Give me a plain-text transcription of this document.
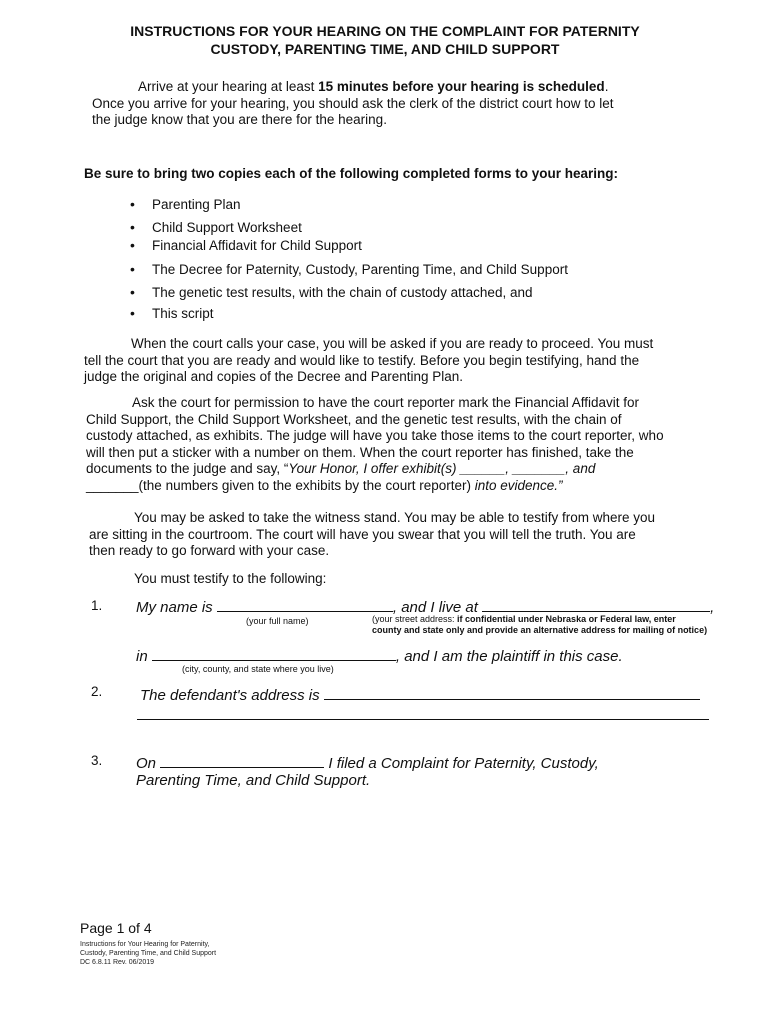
INSTRUCTIONS FOR YOUR HEARING ON THE COMPLAINT FOR PATERNITY
CUSTODY, PARENTING TIME, AND CHILD SUPPORT
Arrive at your hearing at least 15 minutes before your hearing is scheduled.
Once you arrive for your hearing, you should ask the clerk of the district court how to let
the judge know that you are there for the hearing.
Be sure to bring two copies each of the following completed forms to your hearing:
• Parenting Plan
• Child Support Worksheet
• Financial Affidavit for Child Support
• The Decree for Paternity, Custody, Parenting Time, and Child Support
• The genetic test results, with the chain of custody attached, and
• This script
When the court calls your case, you will be asked if you are ready to proceed. You must
tell the court that you are ready and would like to testify. Before you begin testifying, hand the
judge the original and copies of the Decree and Parenting Plan.
Ask the court for permission to have the court reporter mark the Financial Affidavit for
Child Support, the Child Support Worksheet, and the genetic test results, with the chain of
custody attached, as exhibits. The judge will have you take those items to the court reporter, who
will then put a sticker with a number on them. When the court reporter has finished, take the
documents to the judge and say, “Your Honor, I offer exhibit(s) ______, _______, and
_______(the numbers given to the exhibits by the court reporter) into evidence.”
You may be asked to take the witness stand. You may be able to testify from where you
are sitting in the courtroom. The court will have you swear that you will tell the truth. You are
then ready to go forward with your case.
You must testify to the following:
1. My name is	, and I live at	,
(your full name)	(your street address: if confidential under Nebraska or Federal law, enter
county and state only and provide an alternative address for mailing of notice)
in	, and I am the plaintiff in this case.
(city, county, and state where you live)
2.	The defendant's address is
3. On	I filed a Complaint for Paternity, Custody,
Parenting Time, and Child Support.
Page 1 of 4
Instructions for Your Hearing for Paternity,
Custody, Parenting Time, and Child Support
DC 6.8.11 Rev. 06/2019
